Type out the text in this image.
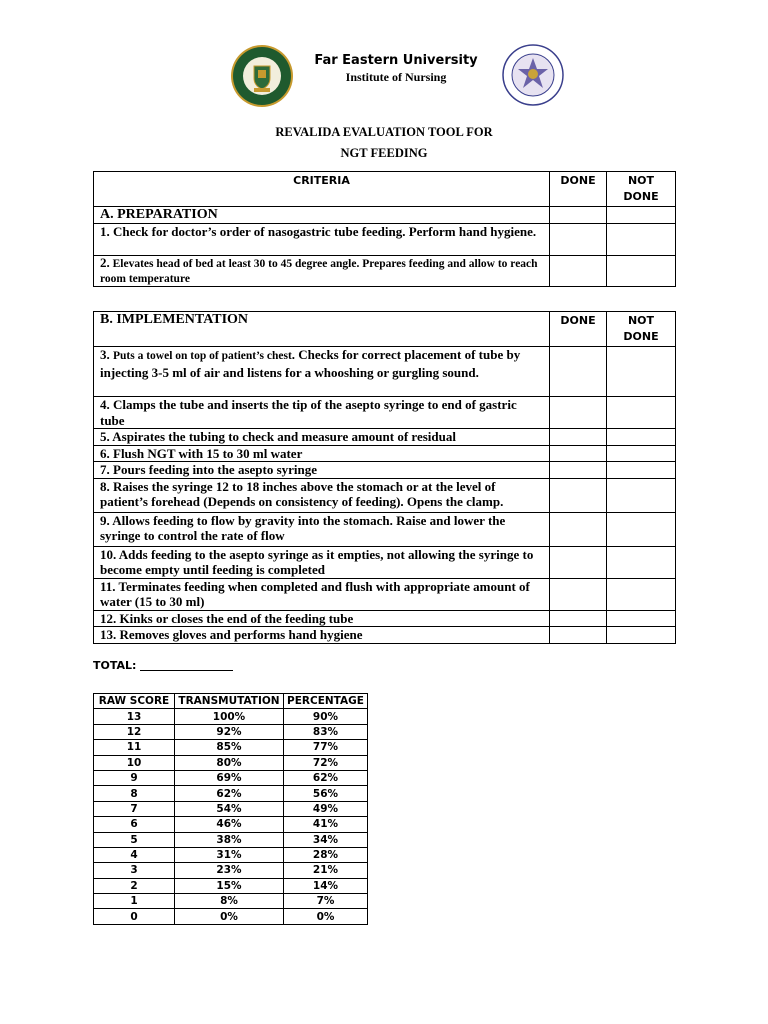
Far Eastern University
Institute of Nursing
REVALIDA EVALUATION TOOL FOR
NGT FEEDING
CRITERIA	DONE	NOT DONE
A. PREPARATION		
1. Check for doctor’s order of nasogastric tube feeding. Perform hand hygiene.		
2. Elevates head of bed at least 30 to 45 degree angle. Prepares feeding and allow to reach room temperature		
B. IMPLEMENTATION	DONE	NOT DONE
3. Puts a towel on top of patient’s chest. Checks for correct placement of tube by injecting 3-5 ml of air and listens for a whooshing or gurgling sound.		
4. Clamps the tube and inserts the tip of the asepto syringe to end of gastric tube		
5. Aspirates the tubing to check and measure amount of residual		
6. Flush NGT with 15 to 30 ml water		
7. Pours feeding into the asepto syringe		
8. Raises the syringe 12 to 18 inches above the stomach or at the level of patient’s forehead (Depends on consistency of feeding). Opens the clamp.		
9. Allows feeding to flow by gravity into the stomach. Raise and lower the syringe to control the rate of flow		
10. Adds feeding to the asepto syringe as it empties, not allowing the syringe to become empty until feeding is completed		
11. Terminates feeding when completed and flush with appropriate amount of water (15 to 30 ml)		
12. Kinks or closes the end of the feeding tube		
13. Removes gloves and performs hand hygiene		
TOTAL:
RAW SCORE	TRANSMUTATION	PERCENTAGE
13	100%	90%
12	92%	83%
11	85%	77%
10	80%	72%
9	69%	62%
8	62%	56%
7	54%	49%
6	46%	41%
5	38%	34%
4	31%	28%
3	23%	21%
2	15%	14%
1	8%	7%
0	0%	0%
